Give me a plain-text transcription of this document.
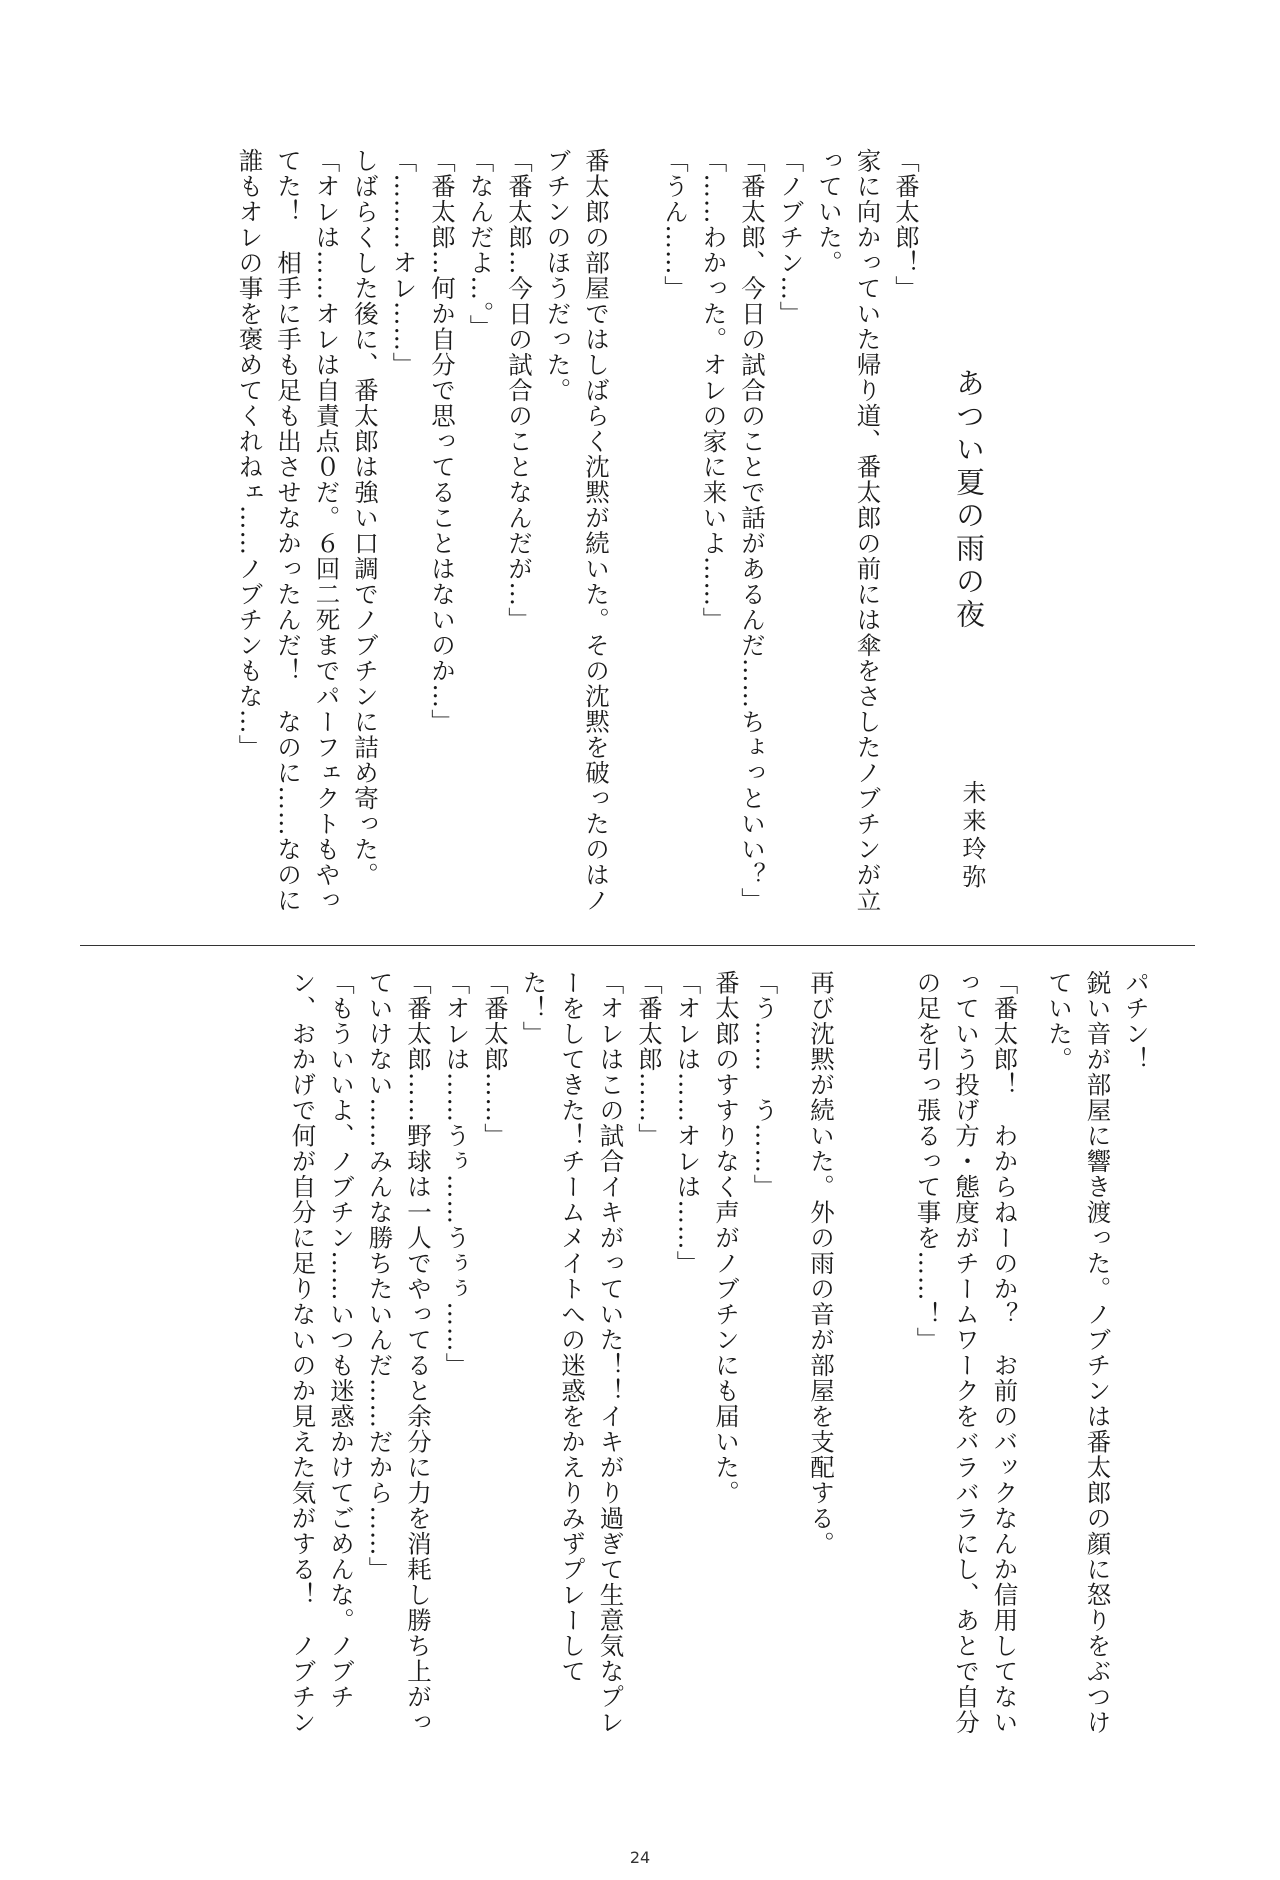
あつい夏の雨の夜
未来玲弥
「番太郎！」
家に向かっていた帰り道、番太郎の前には傘をさしたノブチンが立
っていた。
「ノブチン…」
「番太郎、今日の試合のことで話があるんだ……ちょっといい？」
「……わかった。オレの家に来いよ……」
「うん……」
番太郎の部屋ではしばらく沈黙が続いた。その沈黙を破ったのはノ
ブチンのほうだった。
「番太郎…今日の試合のことなんだが…」
「なんだよ…。」
「番太郎…何か自分で思ってることはないのか…」
「………オレ……」
しばらくした後に、番太郎は強い口調でノブチンに詰め寄った。
「オレは……オレは自責点０だ。６回二死までパーフェクトもやっ
てた！　相手に手も足も出させなかったんだ！　なのに……なのに
誰もオレの事を褒めてくれねェ……ノブチンもな…」
パチン！
鋭い音が部屋に響き渡った。ノブチンは番太郎の顔に怒りをぶつけ
ていた。
「番太郎！　わからねーのか？　お前のバックなんか信用してない
っていう投げ方・態度がチームワークをバラバラにし、あとで自分
の足を引っ張るって事を……！」
再び沈黙が続いた。外の雨の音が部屋を支配する。
「う……　う……」
番太郎のすすりなく声がノブチンにも届いた。
「オレは……オレは……」
「番太郎……」
「オレはこの試合イキがっていた！！イキがり過ぎて生意気なプレ
ーをしてきた！チームメイトへの迷惑をかえりみずプレーして
た！」
「番太郎……」
「オレは……うぅ……うぅぅ……」
「番太郎……野球は一人でやってると余分に力を消耗し勝ち上がっ
ていけない……みんな勝ちたいんだ……だから……」
「もういいよ、ノブチン……いつも迷惑かけてごめんな。ノブチ
ン、おかげで何が自分に足りないのか見えた気がする！　ノブチン
24
